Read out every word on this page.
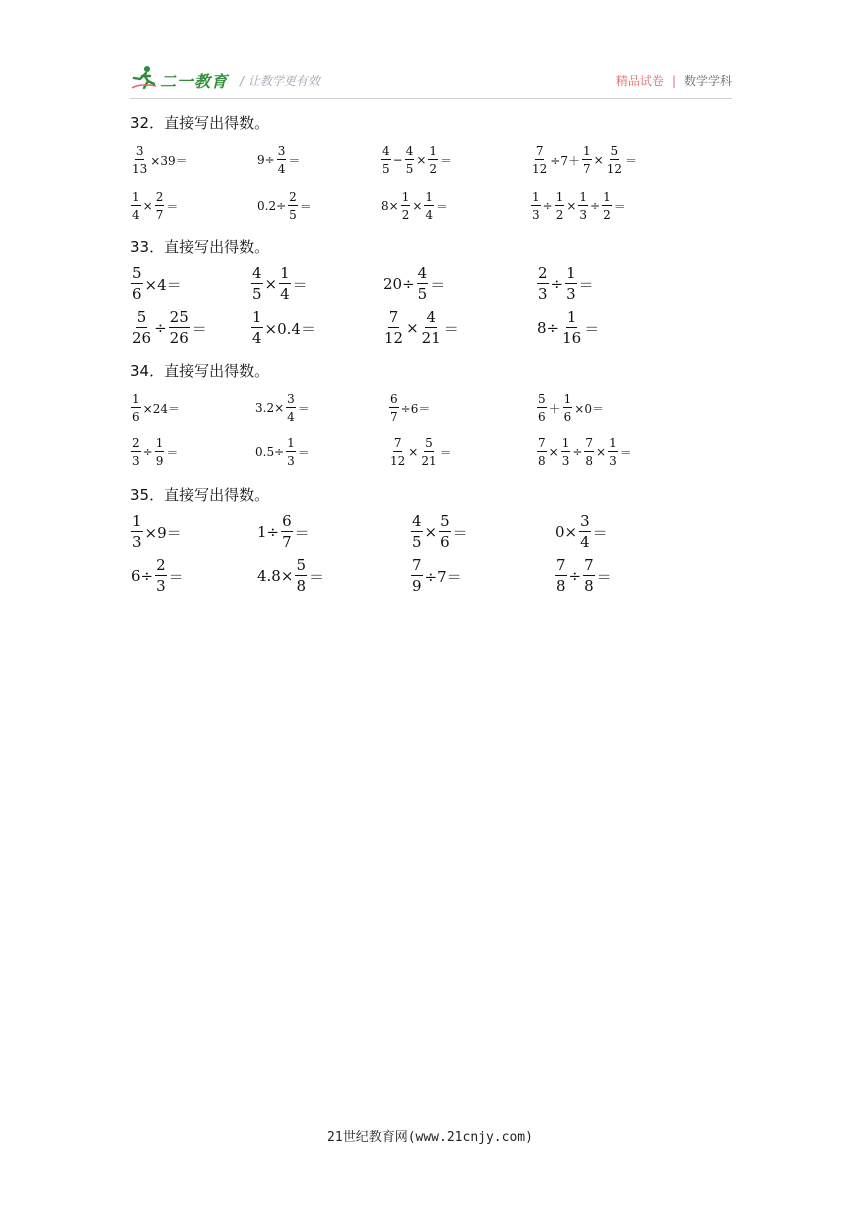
二一教育 / 让教学更有效	精品试卷 | 数学学科
32．直接写出得数。
$\frac{3}{13} \times 39=$	$9\div \frac{3}{4}$ ＝	$\frac{4}{5} - \frac{4}{5} \times \frac{1}{2}$ ＝	$\frac{7}{12} \div 7+ \frac{1}{7} \times \frac{5}{12}$ ＝
$\frac{1}{4} \times \frac{2}{7}$ ＝	$0.2\div \frac{2}{5}$ ＝	$8\times \frac{1}{2} \times \frac{1}{4}$ ＝	$\frac{1}{3} \div \frac{1}{2} \times \frac{1}{3} \div \frac{1}{2}$ ＝
33．直接写出得数。
$\frac{5}{6} \times 4=$	$\frac{4}{5} \times \frac{1}{4}$ ＝	$20\div \frac{4}{5}$ ＝	$\frac{2}{3} \div \frac{1}{3}$ ＝
$\frac{5}{26} \div \frac{25}{26}$ ＝	$\frac{1}{4} \times 0.4=$	$\frac{7}{12} \times \frac{4}{21}$ ＝	$8\div \frac{1}{16}$ ＝
34．直接写出得数。
$\frac{1}{6} \times 24=$	$3.2\times \frac{3}{4}$ ＝	$\frac{6}{7} \div 6=$	$\frac{5}{6} + \frac{1}{6} \times 0=$
$\frac{2}{3} \div \frac{1}{9}$ ＝	$0.5\div \frac{1}{3}$ ＝	$\frac{7}{12} \times \frac{5}{21}$ ＝	$\frac{7}{8} \times \frac{1}{3} \div \frac{7}{8} \times \frac{1}{3}$ ＝
35．直接写出得数。
$\frac{1}{3} \times 9=$	$1\div \frac{6}{7}$ ＝	$\frac{4}{5} \times \frac{5}{6}$ ＝	$0\times \frac{3}{4}$ ＝
$6\div \frac{2}{3}$ ＝	$4.8\times \frac{5}{8}$ ＝	$\frac{7}{9} \div 7=$	$\frac{7}{8} \div \frac{7}{8}$ ＝
21世纪教育网(www.21cnjy.com)
